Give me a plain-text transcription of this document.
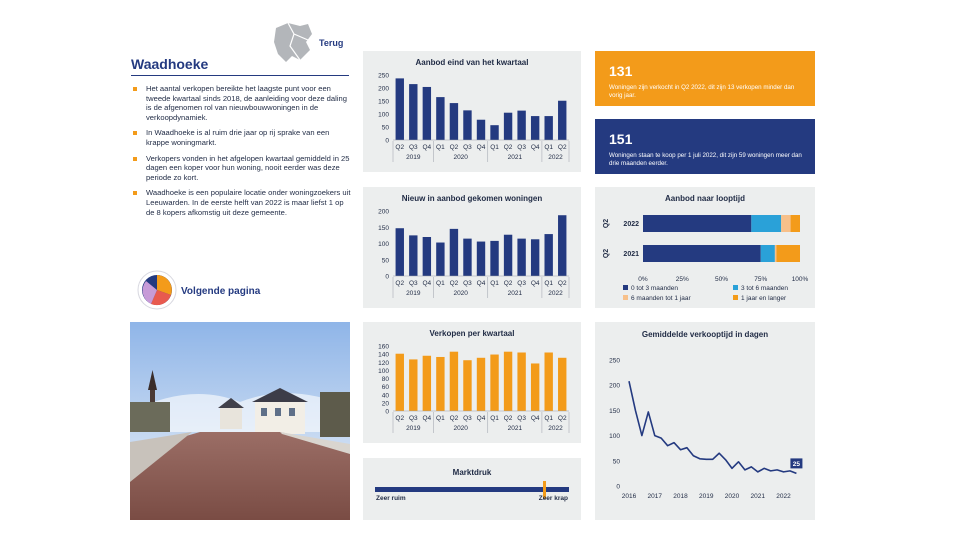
Terug
Waadhoeke
Het aantal verkopen bereikte het laagste punt voor een tweede kwartaal sinds 2018, de aanleiding voor deze daling is de afgenomen rol van nieuwbouwwoningen in de verkoopdynamiek.
In Waadhoeke is al ruim drie jaar op rij sprake van een krappe woningmarkt.
Verkopers vonden in het afgelopen kwartaal gemiddeld in 25 dagen een koper voor hun woning, nooit eerder was deze periode zo kort.
Waadhoeke is een populaire locatie onder woningzoekers uit Leeuwarden. In de eerste helft van 2022 is maar liefst 1 op de 8 kopers afkomstig uit deze gemeente.
Volgende pagina
Aanbod eind van het kwartaal
0
50
100
150
200
250
Q2 Q3 Q4 Q1 Q2 Q3 Q4 Q1 Q2 Q3 Q4 Q1 Q2
2019	2020	2021	2022
Nieuw in aanbod gekomen woningen
0
50
100
150
200
Q2 Q3 Q4 Q1 Q2 Q3 Q4 Q1 Q2 Q3 Q4 Q1 Q2
2019	2020	2021	2022
Verkopen per kwartaal
0
20
40
60
80
100
120
140
160
Q2 Q3 Q4 Q1 Q2 Q3 Q4 Q1 Q2 Q3 Q4 Q1 Q2
2019	2020	2021	2022
Marktdruk
Zeer ruim	Zeer krap
131
Woningen zijn verkocht in Q2 2022, dit zijn 13 verkopen minder dan vorig jaar.
151
Woningen staan te koop per 1 juli 2022, dit zijn 59 woningen meer dan drie maanden eerder.
Aanbod naar looptijd
2022
Q2
2021
Q2
0%	25%	50%	75%	100%
0 tot 3 maanden	3 tot 6 maanden
6 maanden tot 1 jaar	1 jaar en langer
Gemiddelde verkooptijd in dagen
0
50
100
150
200
250
2016 2017 2018 2019 2020 2021 2022
25
